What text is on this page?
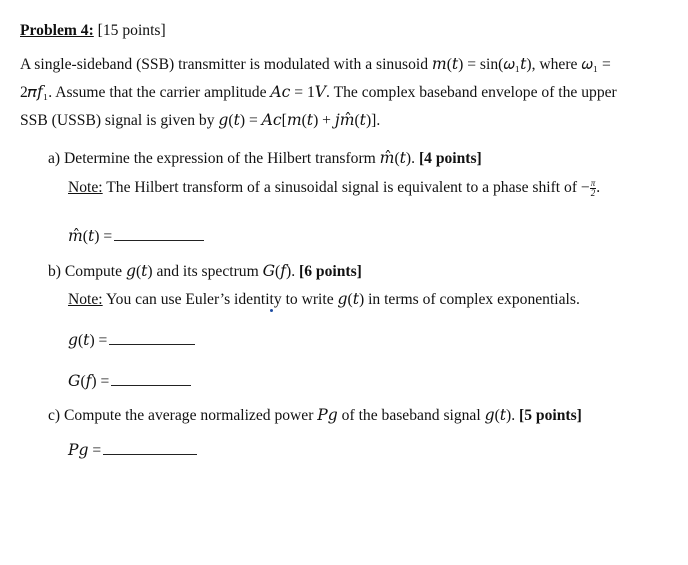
Problem 4: [15 points]
A single-sideband (SSB) transmitter is modulated with a sinusoid 𝑚(𝑡) = sin(𝜔₁𝑡), where 𝜔₁ =
2𝜋𝑓₁. Assume that the carrier amplitude 𝐴𝑐 = 1𝑉. The complex baseband envelope of the upper
SSB (USSB) signal is given by 𝑔(𝑡) = 𝐴𝑐[𝑚(𝑡) + 𝑗𝑚̂(𝑡)].
a) Determine the expression of the Hilbert transform 𝑚̂(𝑡). [4 points]
Note: The Hilbert transform of a sinusoidal signal is equivalent to a phase shift of − $\frac{\pi}{2}$ .
𝑚̂(𝑡) =
b) Compute 𝑔(𝑡) and its spectrum 𝐺(𝑓). [6 points]
Note: You can use Euler’s identity to write 𝑔(𝑡) in terms of complex exponentials.
𝑔(𝑡) =
𝐺(𝑓) =
c) Compute the average normalized power 𝑃𝑔 of the baseband signal 𝑔(𝑡). [5 points]
𝑃𝑔 =
